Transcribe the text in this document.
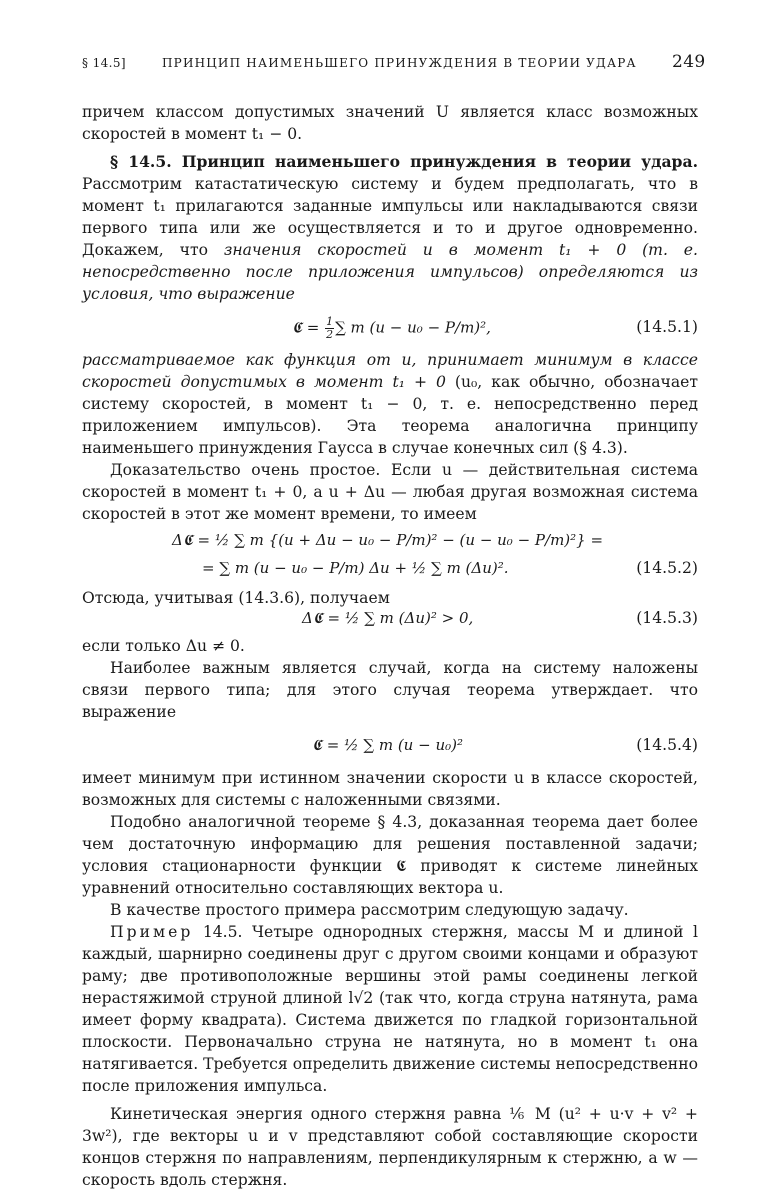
§ 14.5]	ПРИНЦИП НАИМЕНЬШЕГО ПРИНУЖДЕНИЯ В ТЕОРИИ УДАРА 249

причем классом допустимых значений U является класс возможных скоростей в момент t₁ − 0.

§ 14.5. Принцип наименьшего принуждения в теории удара. Рассмотрим катастатическую систему и будем предполагать, что в момент t₁ прилагаются заданные импульсы или накладываются связи первого типа или же осуществляется и то и другое одновременно. Докажем, что значения скоростей u в момент t₁ + 0 (т. е. непосредственно после приложения импульсов) определяются из условия, что выражение

𝕮 = $\frac{1}{2}$ ∑ m (u − u₀ − P/m)²,	(14.5.1)

рассматриваемое как функция от u, принимает минимум в классе скоростей допустимых в момент t₁ + 0 (u₀, как обычно, обозначает систему скоростей, в момент t₁ − 0, т. е. непосредственно перед приложением импульсов). Эта теорема аналогична принципу наименьшего принуждения Гаусса в случае конечных сил (§ 4.3).

Доказательство очень простое. Если u — действительная система скоростей в момент t₁ + 0, а u + Δu — любая другая возможная система скоростей в этот же момент времени, то имеем

Δ𝕮 = ½ ∑ m {(u + Δu − u₀ − P/m)² − (u − u₀ − P/m)²} =
= ∑ m (u − u₀ − P/m) Δu + ½ ∑ m (Δu)².	(14.5.2)

Отсюда, учитывая (14.3.6), получаем

Δ𝕮 = ½ ∑ m (Δu)² > 0,	(14.5.3)

если только Δu ≠ 0.

Наиболее важным является случай, когда на систему наложены связи первого типа; для этого случая теорема утверждает. что выражение

𝕮 = ½ ∑ m (u − u₀)²	(14.5.4)

имеет минимум при истинном значении скорости u в классе скоростей, возможных для системы с наложенными связями.

Подобно аналогичной теореме § 4.3, доказанная теорема дает более чем достаточную информацию для решения поставленной задачи; условия стационарности функции 𝕮 приводят к системе линейных уравнений относительно составляющих вектора u.

В качестве простого примера рассмотрим следующую задачу.

Пример 14.5. Четыре однородных стержня, массы M и длиной l каждый, шарнирно соединены друг с другом своими концами и образуют раму; две противоположные вершины этой рамы соединены легкой нерастяжимой струной длиной l√2 (так что, когда струна натянута, рама имеет форму квадрата). Система движется по гладкой горизонтальной плоскости. Первоначально струна не натянута, но в момент t₁ она натягивается. Требуется определить движение системы непосредственно после приложения импульса.

Кинетическая энергия одного стержня равна ⅙ M (u² + u·v + v² + 3w²), где векторы u и v представляют собой составляющие скорости концов стержня по направлениям, перпендикулярным к стержню, а w — скорость вдоль стержня.
